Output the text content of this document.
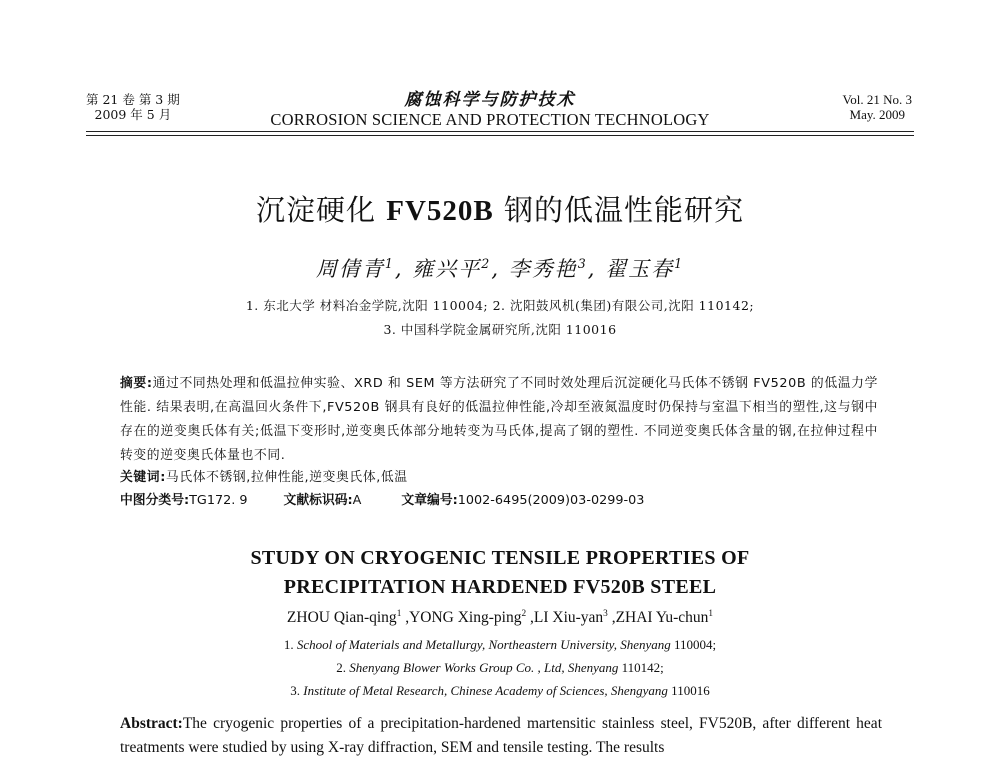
第 21 卷 第 3 期
2009 年 5 月
腐蚀科学与防护技术
CORROSION SCIENCE AND PROTECTION TECHNOLOGY
Vol. 21 No. 3
May. 2009
沉淀硬化 FV520B 钢的低温性能研究
周倩青$^1$, 雍兴平$^2$, 李秀艳$^3$, 翟玉春$^1$
1. 东北大学 材料冶金学院,沈阳 110004; 2. 沈阳鼓风机(集团)有限公司,沈阳 110142;
3. 中国科学院金属研究所,沈阳 110016
摘要:通过不同热处理和低温拉伸实验、XRD 和 SEM 等方法研究了不同时效处理后沉淀硬化马氏体不锈钢 FV520B 的低温力学性能. 结果表明,在高温回火条件下,FV520B 钢具有良好的低温拉伸性能,冷却至液氮温度时仍保持与室温下相当的塑性,这与钢中存在的逆变奥氏体有关;低温下变形时,逆变奥氏体部分地转变为马氏体,提高了钢的塑性. 不同逆变奥氏体含量的钢,在拉伸过程中转变的逆变奥氏体量也不同.
关键词:马氏体不锈钢,拉伸性能,逆变奥氏体,低温
中图分类号:TG172. 9	文献标识码:A	文章编号:1002-6495(2009)03-0299-03
STUDY ON CRYOGENIC TENSILE PROPERTIES OF
PRECIPITATION HARDENED FV520B STEEL
ZHOU Qian-qing$^1$ ,YONG Xing-ping$^2$ ,LI Xiu-yan$^3$ ,ZHAI Yu-chun$^1$
1. School of Materials and Metallurgy, Northeastern University, Shenyang 110004;
2. Shenyang Blower Works Group Co. , Ltd, Shenyang 110142;
3. Institute of Metal Research, Chinese Academy of Sciences, Shengyang 110016
Abstract:The cryogenic properties of a precipitation-hardened martensitic stainless steel, FV520B, after different heat treatments were studied by using X-ray diffraction, SEM and tensile testing. The results
